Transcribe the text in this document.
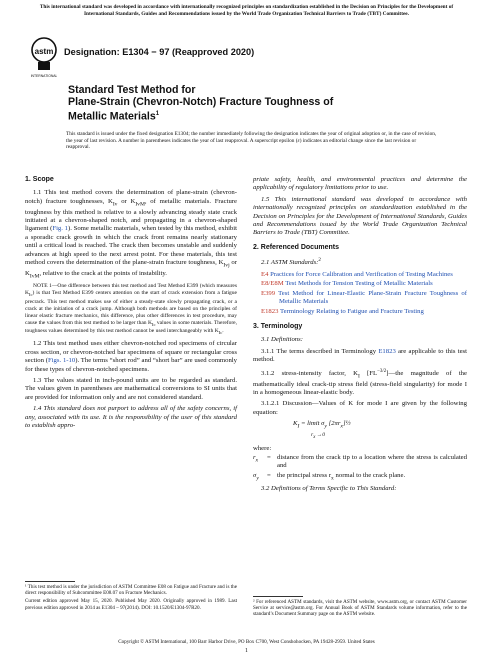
This international standard was developed in accordance with internationally recognized principles on standardization established in the Decision on Principles for the Development of International Standards, Guides and Recommendations issued by the World Trade Organization Technical Barriers to Trade (TBT) Committee.
astm
INTERNATIONAL
Designation: E1304 − 97 (Reapproved 2020)
Standard Test Method for
Plane-Strain (Chevron-Notch) Fracture Toughness of
Metallic Materials$^1$
This standard is issued under the fixed designation E1304; the number immediately following the designation indicates the year of original adoption or, in the case of revision, the year of last revision. A number in parentheses indicates the year of last reapproval. A superscript epsilon (ε) indicates an editorial change since the last revision or reapproval.
1. Scope

1.1 This test method covers the determination of plane-strain (chevron-notch) fracture toughnesses, $K_{Iv}$ or $K_{IvM}$, of metallic materials. Fracture toughness by this method is relative to a slowly advancing steady state crack initiated at a chevron-shaped notch, and propagating in a chevron-shaped ligament (Fig. 1). Some metallic materials, when tested by this method, exhibit a sporadic crack growth in which the crack front remains nearly stationary until a critical load is reached. The crack then becomes unstable and suddenly advances at high speed to the next arrest point. For these materials, this test method covers the determination of the plane-strain fracture toughness, $K_{Ivj}$ or $K_{IvM}$, relative to the crack at the points of instability.

NOTE 1—One difference between this test method and Test Method E399 (which measures $K_{Ic}$) is that Test Method E399 centers attention on the start of crack extension from a fatigue precrack. This test method makes use of either a steady-state slowly propagating crack, or a crack at the initiation of a crack jump. Although both methods are based on the principles of linear elastic fracture mechanics, this difference, plus other differences in test procedure, may cause the values from this test method to be larger than $K_{Ic}$ values in some materials. Therefore, toughness values determined by this test method cannot be used interchangeably with $K_{Ic}$.

1.2 This test method uses either chevron-notched rod specimens of circular cross section, or chevron-notched bar specimens of square or rectangular cross section (Figs. 1-10). The terms “short rod” and “short bar” are used commonly for these types of chevron-notched specimens.

1.3 The values stated in inch-pound units are to be regarded as standard. The values given in parentheses are mathematical conversions to SI units that are provided for information only and are not considered standard.

1.4 This standard does not purport to address all of the safety concerns, if any, associated with its use. It is the responsibility of the user of this standard to establish appro-

¹ This test method is under the jurisdiction of ASTM Committee E08 on Fatigue and Fracture and is the direct responsibility of Subcommittee E08.07 on Fracture Mechanics.
Current edition approved May 15, 2020. Published May 2020. Originally approved in 1989. Last previous edition approved in 2014 as E1304 – 97(2014). DOI: 10.1520/E1304-97R20.

priate safety, health, and environmental practices and determine the applicability of regulatory limitations prior to use.

1.5 This international standard was developed in accordance with internationally recognized principles on standardization established in the Decision on Principles for the Development of International Standards, Guides and Recommendations issued by the World Trade Organization Technical Barriers to Trade (TBT) Committee.

2. Referenced Documents

2.1 ASTM Standards:$^2$

E4 Practices for Force Calibration and Verification of Testing Machines
E8/E8M Test Methods for Tension Testing of Metallic Materials
E399 Test Method for Linear-Elastic Plane-Strain Fracture Toughness of Metallic Materials
E1823 Terminology Relating to Fatigue and Fracture Testing
3. Terminology

3.1 Definitions:

3.1.1 The terms described in Terminology E1823 are applicable to this test method.

3.1.2 stress-intensity factor, $K_I$ $[FL^{-3/2}]—the$ magnitude of the mathematically ideal crack-tip stress field (stress-field singularity) for mode I in a homogeneous linear-elastic body.

3.1.2.1 Discussion—Values of K for mode I are given by the following equation:

$K_I$ = limit $\sigma_y$ $[2\pi r_x]\frac{1}{2}$
$r_x \to 0$
where:
$r_x$	= distance from the crack tip to a location where the stress is calculated and
$\sigma_y$	= the principal stress $r_x$ normal to the crack plane.

3.2 Definitions of Terms Specific to This Standard:

² For referenced ASTM standards, visit the ASTM website, www.astm.org, or contact ASTM Customer Service at service@astm.org. For Annual Book of ASTM Standards volume information, refer to the standard’s Document Summary page on the ASTM website.
Copyright © ASTM International, 100 Barr Harbor Drive, PO Box C700, West Conshohocken, PA 19428-2959. United States
1
